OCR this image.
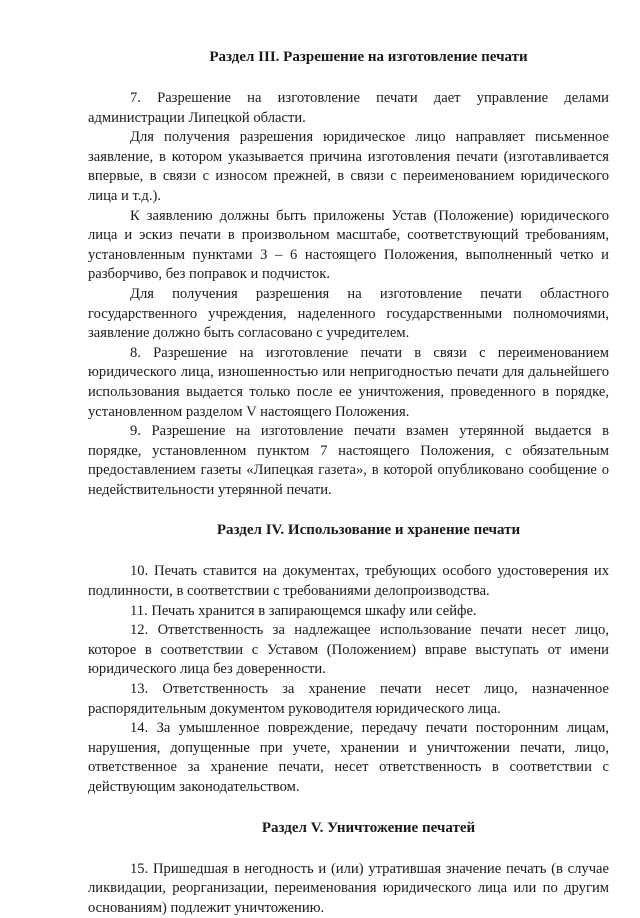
Раздел III. Разрешение на изготовление печати

7. Разрешение на изготовление печати дает управление делами администрации Липецкой области.

Для получения разрешения юридическое лицо направляет письменное заявление, в котором указывается причина изготовления печати (изготавливается впервые, в связи с износом прежней, в связи с переименованием юридического лица и т.д.).

К заявлению должны быть приложены Устав (Положение) юридического лица и эскиз печати в произвольном масштабе, соответствующий требованиям, установленным пунктами 3 – 6 настоящего Положения, выполненный четко и разборчиво, без поправок и подчисток.

Для получения разрешения на изготовление печати областного государственного учреждения, наделенного государственными полномочиями, заявление должно быть согласовано с учредителем.

8. Разрешение на изготовление печати в связи с переименованием юридического лица, изношенностью или непригодностью печати для дальнейшего использования выдается только после ее уничтожения, проведенного в порядке, установленном разделом V настоящего Положения.

9. Разрешение на изготовление печати взамен утерянной выдается в порядке, установленном пунктом 7 настоящего Положения, с обязательным предоставлением газеты «Липецкая газета», в которой опубликовано сообщение о недействительности утерянной печати.

Раздел IV. Использование и хранение печати

10. Печать ставится на документах, требующих особого удостоверения их подлинности, в соответствии с требованиями делопроизводства.

11. Печать хранится в запирающемся шкафу или сейфе.

12. Ответственность за надлежащее использование печати несет лицо, которое в соответствии с Уставом (Положением) вправе выступать от имени юридического лица без доверенности.

13. Ответственность за хранение печати несет лицо, назначенное распорядительным документом руководителя юридического лица.

14. За умышленное повреждение, передачу печати посторонним лицам, нарушения, допущенные при учете, хранении и уничтожении печати, лицо, ответственное за хранение печати, несет ответственность в соответствии с действующим законодательством.

Раздел V. Уничтожение печатей

15. Пришедшая в негодность и (или) утратившая значение печать (в случае ликвидации, реорганизации, переименования юридического лица или по другим основаниям) подлежит уничтожению.
